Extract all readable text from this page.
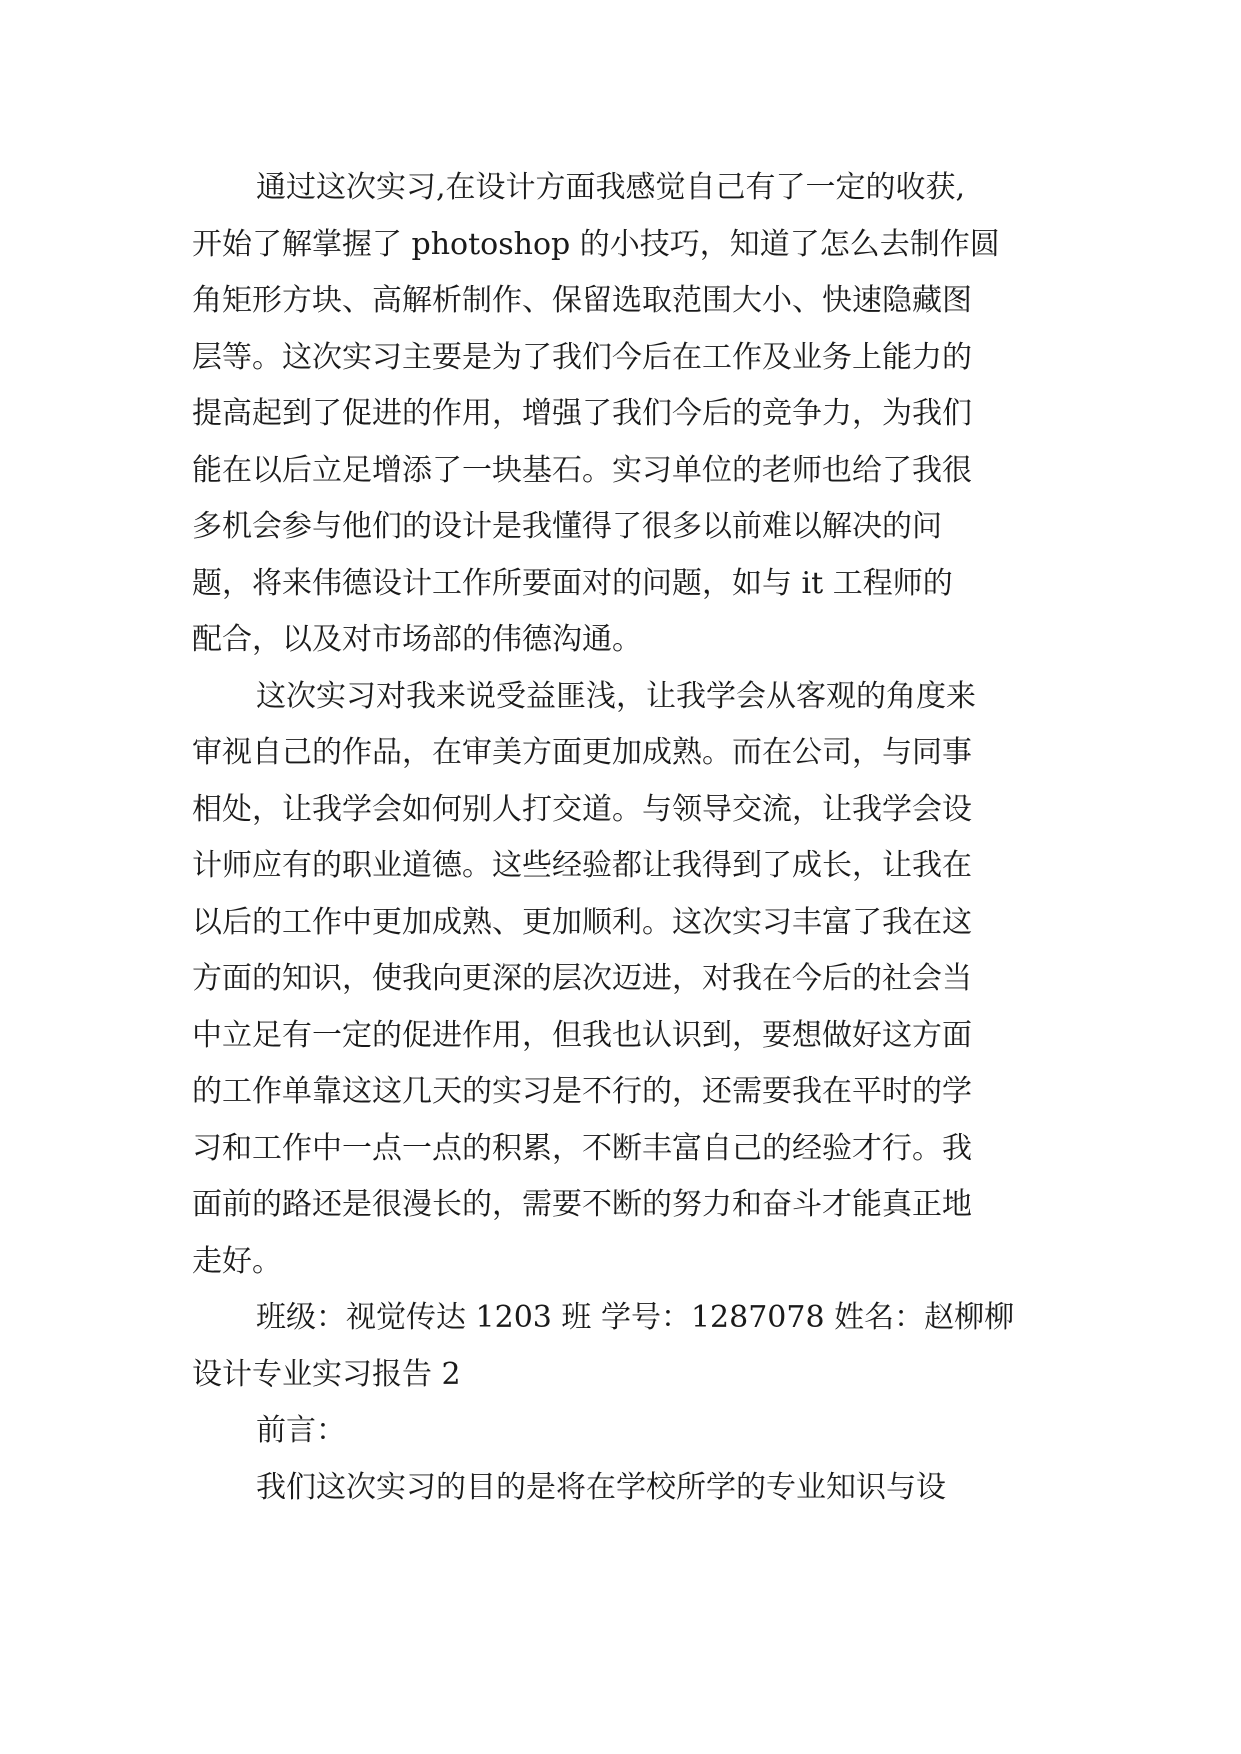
通过这次实习,在设计方面我感觉自己有了一定的收获,
开始了解掌握了 photoshop 的小技巧，知道了怎么去制作圆
角矩形方块、高解析制作、保留选取范围大小、快速隐藏图
层等。这次实习主要是为了我们今后在工作及业务上能力的
提高起到了促进的作用，增强了我们今后的竞争力，为我们
能在以后立足增添了一块基石。实习单位的老师也给了我很
多机会参与他们的设计是我懂得了很多以前难以解决的问
题，将来伟德设计工作所要面对的问题，如与 it 工程师的
配合，以及对市场部的伟德沟通。
这次实习对我来说受益匪浅，让我学会从客观的角度来
审视自己的作品，在审美方面更加成熟。而在公司，与同事
相处，让我学会如何别人打交道。与领导交流，让我学会设
计师应有的职业道德。这些经验都让我得到了成长，让我在
以后的工作中更加成熟、更加顺利。这次实习丰富了我在这
方面的知识，使我向更深的层次迈进，对我在今后的社会当
中立足有一定的促进作用，但我也认识到，要想做好这方面
的工作单靠这这几天的实习是不行的，还需要我在平时的学
习和工作中一点一点的积累，不断丰富自己的经验才行。我
面前的路还是很漫长的，需要不断的努力和奋斗才能真正地
走好。
班级：视觉传达 1203 班 学号：1287078 姓名：赵柳柳
设计专业实习报告 2
前言：
我们这次实习的目的是将在学校所学的专业知识与设
